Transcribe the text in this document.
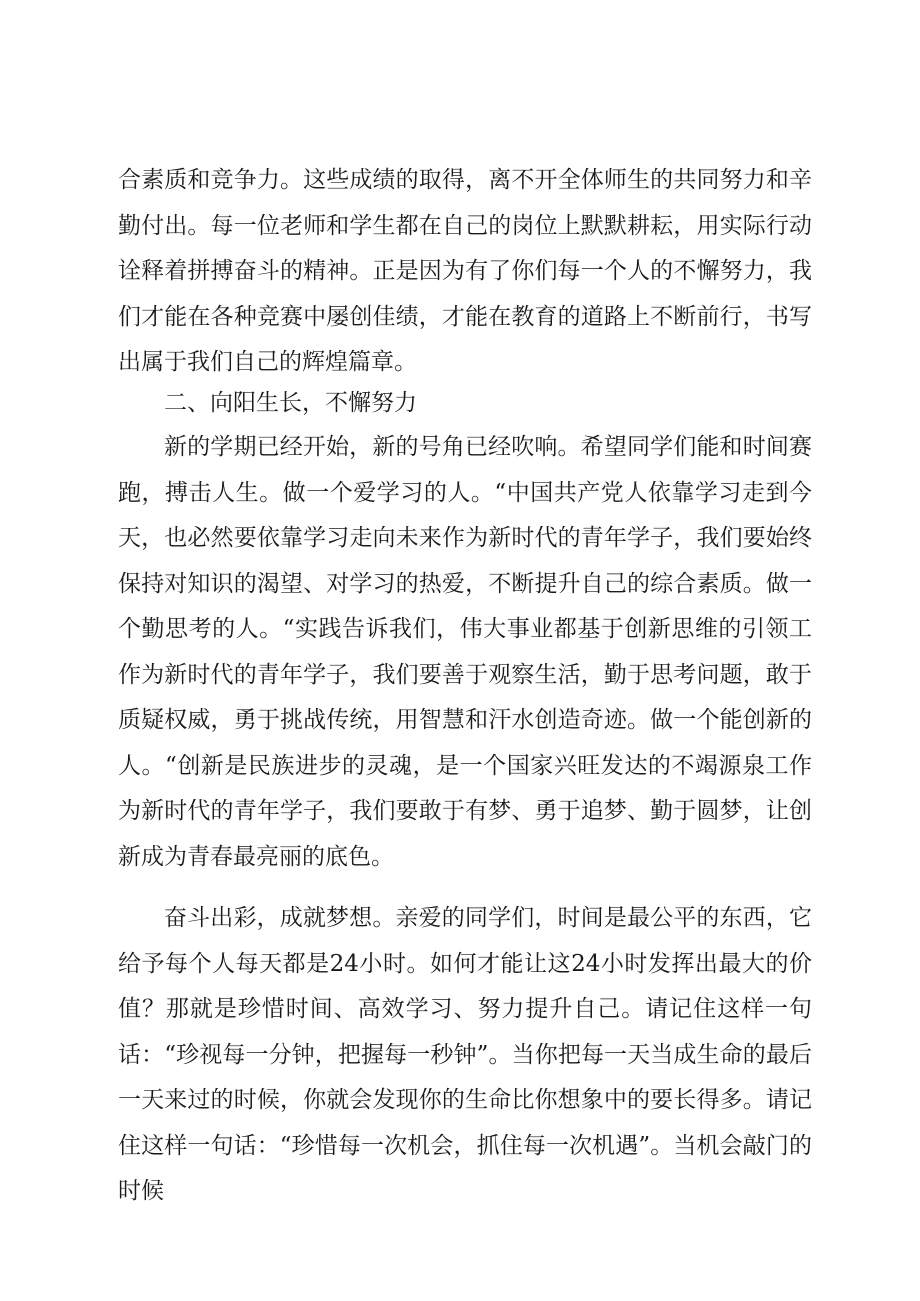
合素质和竞争力。这些成绩的取得，离不开全体师生的共同努力和辛勤付出。每一位老师和学生都在自己的岗位上默默耕耘，用实际行动诠释着拼搏奋斗的精神。正是因为有了你们每一个人的不懈努力，我们才能在各种竞赛中屡创佳绩，才能在教育的道路上不断前行，书写出属于我们自己的辉煌篇章。

二、向阳生长，不懈努力

新的学期已经开始，新的号角已经吹响。希望同学们能和时间赛跑，搏击人生。做一个爱学习的人。“中国共产党人依靠学习走到今天，也必然要依靠学习走向未来作为新时代的青年学子，我们要始终保持对知识的渴望、对学习的热爱，不断提升自己的综合素质。做一个勤思考的人。“实践告诉我们，伟大事业都基于创新思维的引领工作为新时代的青年学子，我们要善于观察生活，勤于思考问题，敢于质疑权威，勇于挑战传统，用智慧和汗水创造奇迹。做一个能创新的人。“创新是民族进步的灵魂，是一个国家兴旺发达的不竭源泉工作为新时代的青年学子，我们要敢于有梦、勇于追梦、勤于圆梦，让创新成为青春最亮丽的底色。

奋斗出彩，成就梦想。亲爱的同学们，时间是最公平的东西，它给予每个人每天都是24小时。如何才能让这24小时发挥出最大的价值？那就是珍惜时间、高效学习、努力提升自己。请记住这样一句话：“珍视每一分钟，把握每一秒钟”。当你把每一天当成生命的最后一天来过的时候，你就会发现你的生命比你想象中的要长得多。请记住这样一句话：“珍惜每一次机会，抓住每一次机遇”。当机会敲门的时候
